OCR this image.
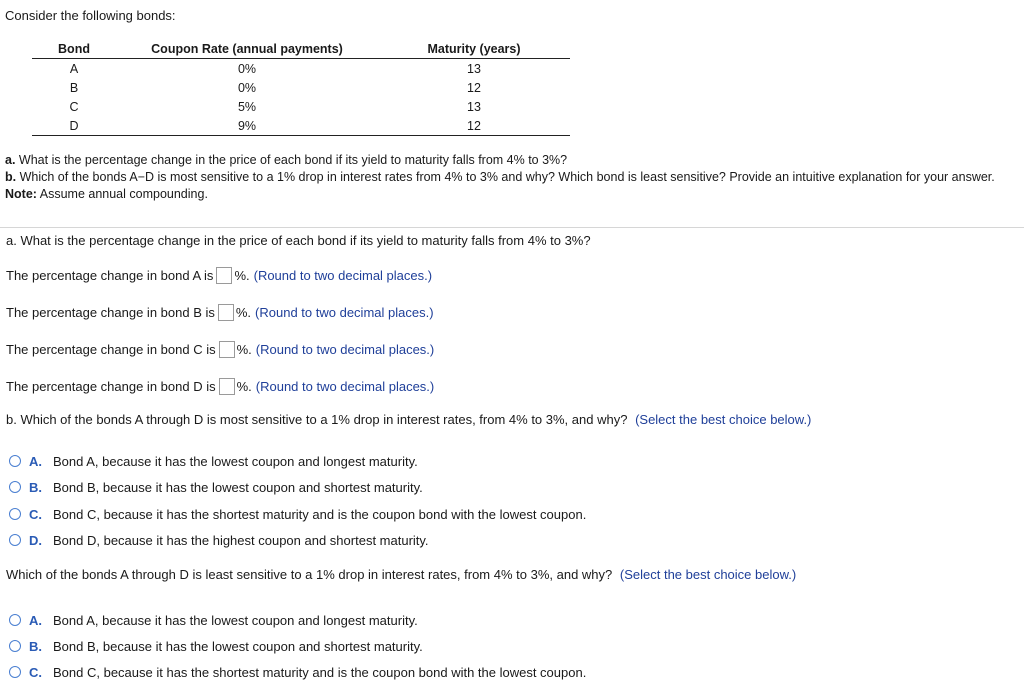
Consider the following bonds:
Bond	Coupon Rate (annual payments)	Maturity (years)
A	0%	13
B	0%	12
C	5%	13
D	9%	12
a. What is the percentage change in the price of each bond if its yield to maturity falls from 4% to 3%?
b. Which of the bonds A−D is most sensitive to a 1% drop in interest rates from 4% to 3% and why? Which bond is least sensitive? Provide an intuitive explanation for your answer.
Note: Assume annual compounding.
a. What is the percentage change in the price of each bond if its yield to maturity falls from 4% to 3%?
The percentage change in bond A is %. (Round to two decimal places.)
The percentage change in bond B is %. (Round to two decimal places.)
The percentage change in bond C is %. (Round to two decimal places.)
The percentage change in bond D is %. (Round to two decimal places.)
b. Which of the bonds A through D is most sensitive to a 1% drop in interest rates, from 4% to 3%, and why? (Select the best choice below.)
A. Bond A, because it has the lowest coupon and longest maturity.
B. Bond B, because it has the lowest coupon and shortest maturity.
C. Bond C, because it has the shortest maturity and is the coupon bond with the lowest coupon.
D. Bond D, because it has the highest coupon and shortest maturity.
Which of the bonds A through D is least sensitive to a 1% drop in interest rates, from 4% to 3%, and why? (Select the best choice below.)
A. Bond A, because it has the lowest coupon and longest maturity.
B. Bond B, because it has the lowest coupon and shortest maturity.
C. Bond C, because it has the shortest maturity and is the coupon bond with the lowest coupon.
